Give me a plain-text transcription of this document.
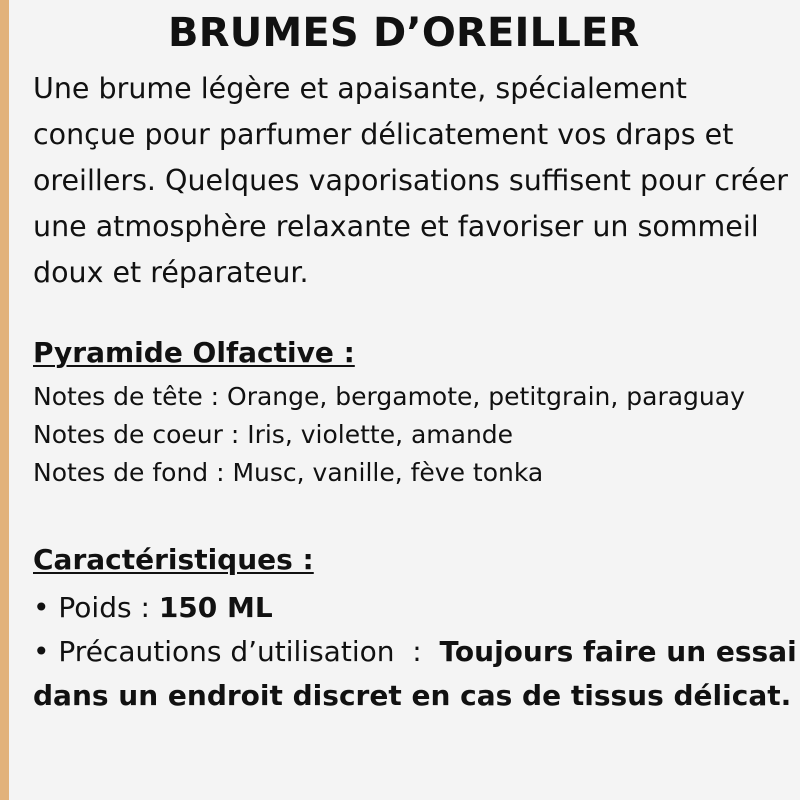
BRUMES D’OREILLER

Une brume légère et apaisante, spécialement conçue pour parfumer délicatement vos draps et oreillers. Quelques vaporisations suffisent pour créer une atmosphère relaxante et favoriser un sommeil doux et réparateur.

Pyramide Olfactive :
Notes de tête : Orange, bergamote, petitgrain, paraguay
Notes de coeur : Iris, violette, amande
Notes de fond : Musc, vanille, fève tonka
Caractéristiques :
• Poids : 150 ML
• Précautions d’utilisation  :  Toujours faire un essai dans un endroit discret en cas de tissus délicat.
